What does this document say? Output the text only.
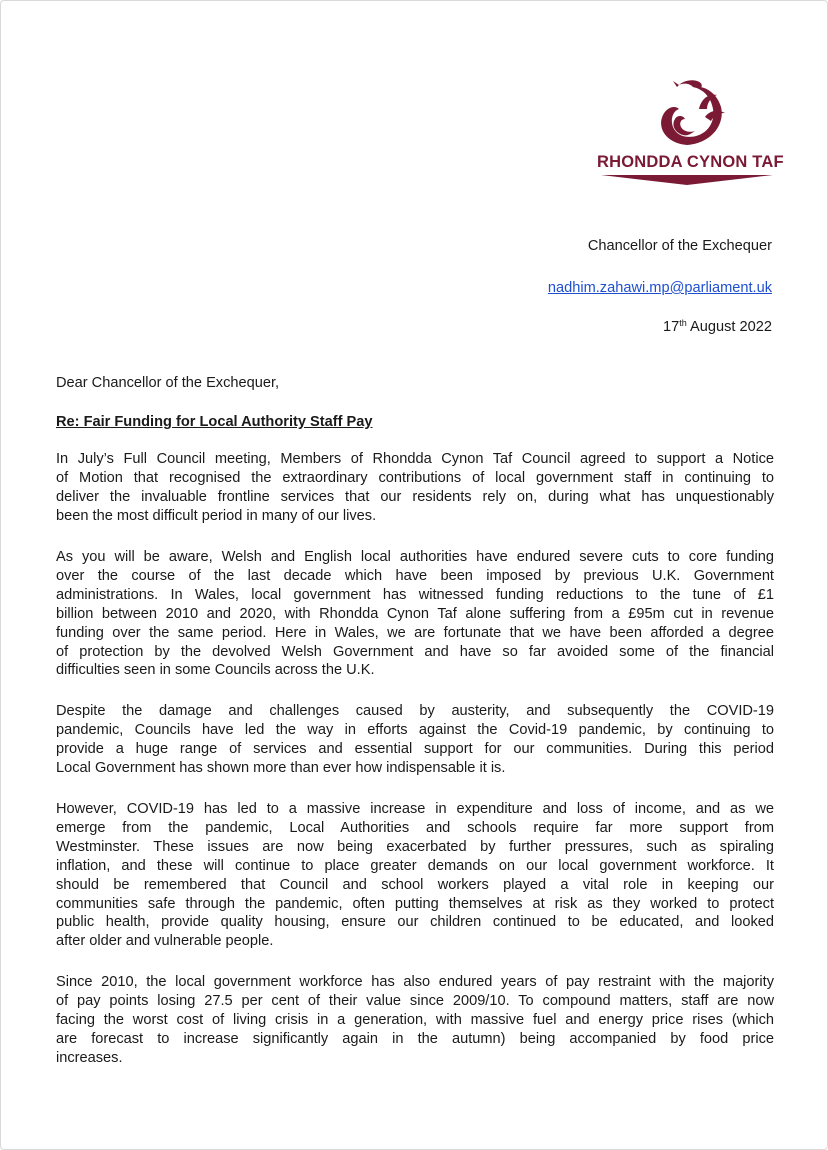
RHONDDA CYNON TAF
Chancellor of the Exchequer
nadhim.zahawi.mp@parliament.uk
17th August 2022
Dear Chancellor of the Exchequer,
Re: Fair Funding for Local Authority Staff Pay

In July’s Full Council meeting, Members of Rhondda Cynon Taf Council agreed to support a Notice
of Motion that recognised the extraordinary contributions of local government staff in continuing to
deliver the invaluable frontline services that our residents rely on, during what has unquestionably
been the most difficult period in many of our lives.

As you will be aware, Welsh and English local authorities have endured severe cuts to core funding
over the course of the last decade which have been imposed by previous U.K. Government
administrations. In Wales, local government has witnessed funding reductions to the tune of £1
billion between 2010 and 2020, with Rhondda Cynon Taf alone suffering from a £95m cut in revenue
funding over the same period. Here in Wales, we are fortunate that we have been afforded a degree
of protection by the devolved Welsh Government and have so far avoided some of the financial
difficulties seen in some Councils across the U.K.

Despite the damage and challenges caused by austerity, and subsequently the COVID-19
pandemic, Councils have led the way in efforts against the Covid-19 pandemic, by continuing to
provide a huge range of services and essential support for our communities. During this period
Local Government has shown more than ever how indispensable it is.

However, COVID-19 has led to a massive increase in expenditure and loss of income, and as we
emerge from the pandemic, Local Authorities and schools require far more support from
Westminster. These issues are now being exacerbated by further pressures, such as spiraling
inflation, and these will continue to place greater demands on our local government workforce. It
should be remembered that Council and school workers played a vital role in keeping our
communities safe through the pandemic, often putting themselves at risk as they worked to protect
public health, provide quality housing, ensure our children continued to be educated, and looked
after older and vulnerable people.

Since 2010, the local government workforce has also endured years of pay restraint with the majority
of pay points losing 27.5 per cent of their value since 2009/10. To compound matters, staff are now
facing the worst cost of living crisis in a generation, with massive fuel and energy price rises (which
are forecast to increase significantly again in the autumn) being accompanied by food price
increases.
